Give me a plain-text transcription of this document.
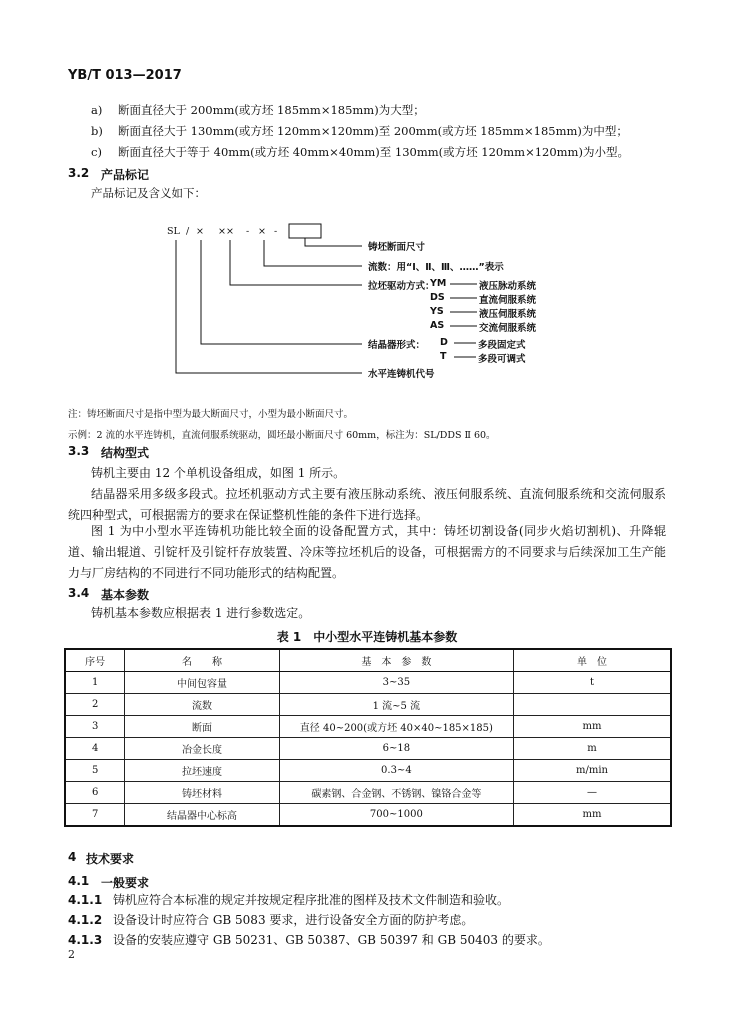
YB/T 013—2017
a) 断面直径大于 200mm(或方坯 185mm×185mm)为大型；
b) 断面直径大于 130mm(或方坯 120mm×120mm)至 200mm(或方坯 185mm×185mm)为中型；
c) 断面直径大于等于 40mm(或方坯 40mm×40mm)至 130mm(或方坯 120mm×120mm)为小型。
3.2 产品标记
产品标记及含义如下：
SL / × ×× - × -
铸坯断面尺寸
流数：用“Ⅰ、Ⅱ、Ⅲ、……”表示
拉坯驱动方式：
YM	液压脉动系统
DS	直流伺服系统
YS	液压伺服系统
AS	交流伺服系统
结晶器形式： D	多段固定式
T	多段可调式
水平连铸机代号
注：铸坯断面尺寸是指中型为最大断面尺寸，小型为最小断面尺寸。
示例：2 流的水平连铸机，直流伺服系统驱动，圆坯最小断面尺寸 60mm，标注为：SL/DDS Ⅱ 60。
3.3 结构型式
铸机主要由 12 个单机设备组成，如图 1 所示。
结晶器采用多级多段式。拉坯机驱动方式主要有液压脉动系统、液压伺服系统、直流伺服系统和交流伺服系统四种型式，可根据需方的要求在保证整机性能的条件下进行选择。
图 1 为中小型水平连铸机功能比较全面的设备配置方式，其中：铸坯切割设备(同步火焰切割机)、升降辊道、输出辊道、引锭杆及引锭杆存放装置、冷床等拉坯机后的设备，可根据需方的不同要求与后续深加工生产能力与厂房结构的不同进行不同功能形式的结构配置。
3.4 基本参数
铸机基本参数应根据表 1 进行参数选定。
表 1　中小型水平连铸机基本参数
序号	名　　称	基　本　参　数	单　位
1	中间包容量	3~35	t
2	流数	1 流~5 流	
3	断面	直径 40~200(或方坯 40×40~185×185)	mm
4	冶金长度	6~18	m
5	拉坯速度	0.3~4	m/min
6	铸坯材料	碳素钢、合金钢、不锈钢、镍铬合金等	—
7	结晶器中心标高	700~1000	mm
4 技术要求
4.1 一般要求
4.1.1 铸机应符合本标准的规定并按规定程序批准的图样及技术文件制造和验收。
4.1.2 设备设计时应符合 GB 5083 要求，进行设备安全方面的防护考虑。
4.1.3 设备的安装应遵守 GB 50231、GB 50387、GB 50397 和 GB 50403 的要求。
2
